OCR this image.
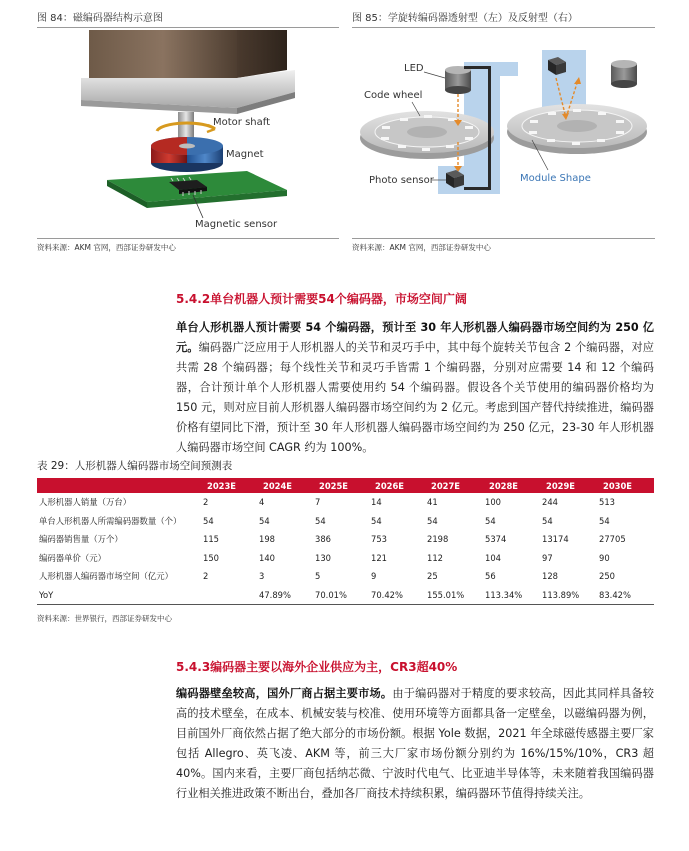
图 84：磁编码器结构示意图
Motor shaft
Magnet
Magnetic sensor
资料来源：AKM 官网，西部证券研发中心
图 85：学旋转编码器透射型（左）及反射型（右）
LED
Code wheel
Photo sensor	Module Shape
资料来源：AKM 官网，西部证券研发中心
5.4.2单台机器人预计需要54个编码器，市场空间广阔
单台人形机器人预计需要 54 个编码器，预计至 30 年人形机器人编码器市场空间约为 250 亿元。编码器广泛应用于人形机器人的关节和灵巧手中，其中每个旋转关节包含 2 个编码器，对应共需 28 个编码器；每个线性关节和灵巧手皆需 1 个编码器，分别对应需要 14 和 12 个编码器，合计预计单个人形机器人需要使用约 54 个编码器。假设各个关节使用的编码器价格均为 150 元，则对应目前人形机器人编码器市场空间约为 2 亿元。考虑到国产替代持续推进，编码器价格有望同比下滑，预计至 30 年人形机器人编码器市场空间约为 250 亿元，23-30 年人形机器人编码器市场空间 CAGR 约为 100%。
表 29：人形机器人编码器市场空间预测表
	2023E	2024E	2025E	2026E	2027E	2028E	2029E	2030E
人形机器人销量（万台）	2	4	7	14	41	100	244	513
单台人形机器人所需编码器数量（个）	54	54	54	54	54	54	54	54
编码器销售量（万个）	115	198	386	753	2198	5374	13174	27705
编码器单价（元）	150	140	130	121	112	104	97	90
人形机器人编码器市场空间（亿元）	2	3	5	9	25	56	128	250
YoY		47.89%	70.01%	70.42%	155.01%	113.34%	113.89%	83.42%
资料来源：世界银行，西部证券研发中心
5.4.3编码器主要以海外企业供应为主，CR3超40%
编码器壁垒较高，国外厂商占据主要市场。由于编码器对于精度的要求较高，因此其同样具备较高的技术壁垒，在成本、机械安装与校准、使用环境等方面都具备一定壁垒，以磁编码器为例，目前国外厂商依然占据了绝大部分的市场份额。根据 Yole 数据，2021 年全球磁传感器主要厂家包括 Allegro、英飞凌、AKM 等，前三大厂家市场份额分别约为 16%/15%/10%，CR3 超 40%。国内来看，主要厂商包括纳芯微、宁波时代电气、比亚迪半导体等，未来随着我国编码器行业相关推进政策不断出台，叠加各厂商技术持续积累，编码器环节值得持续关注。
